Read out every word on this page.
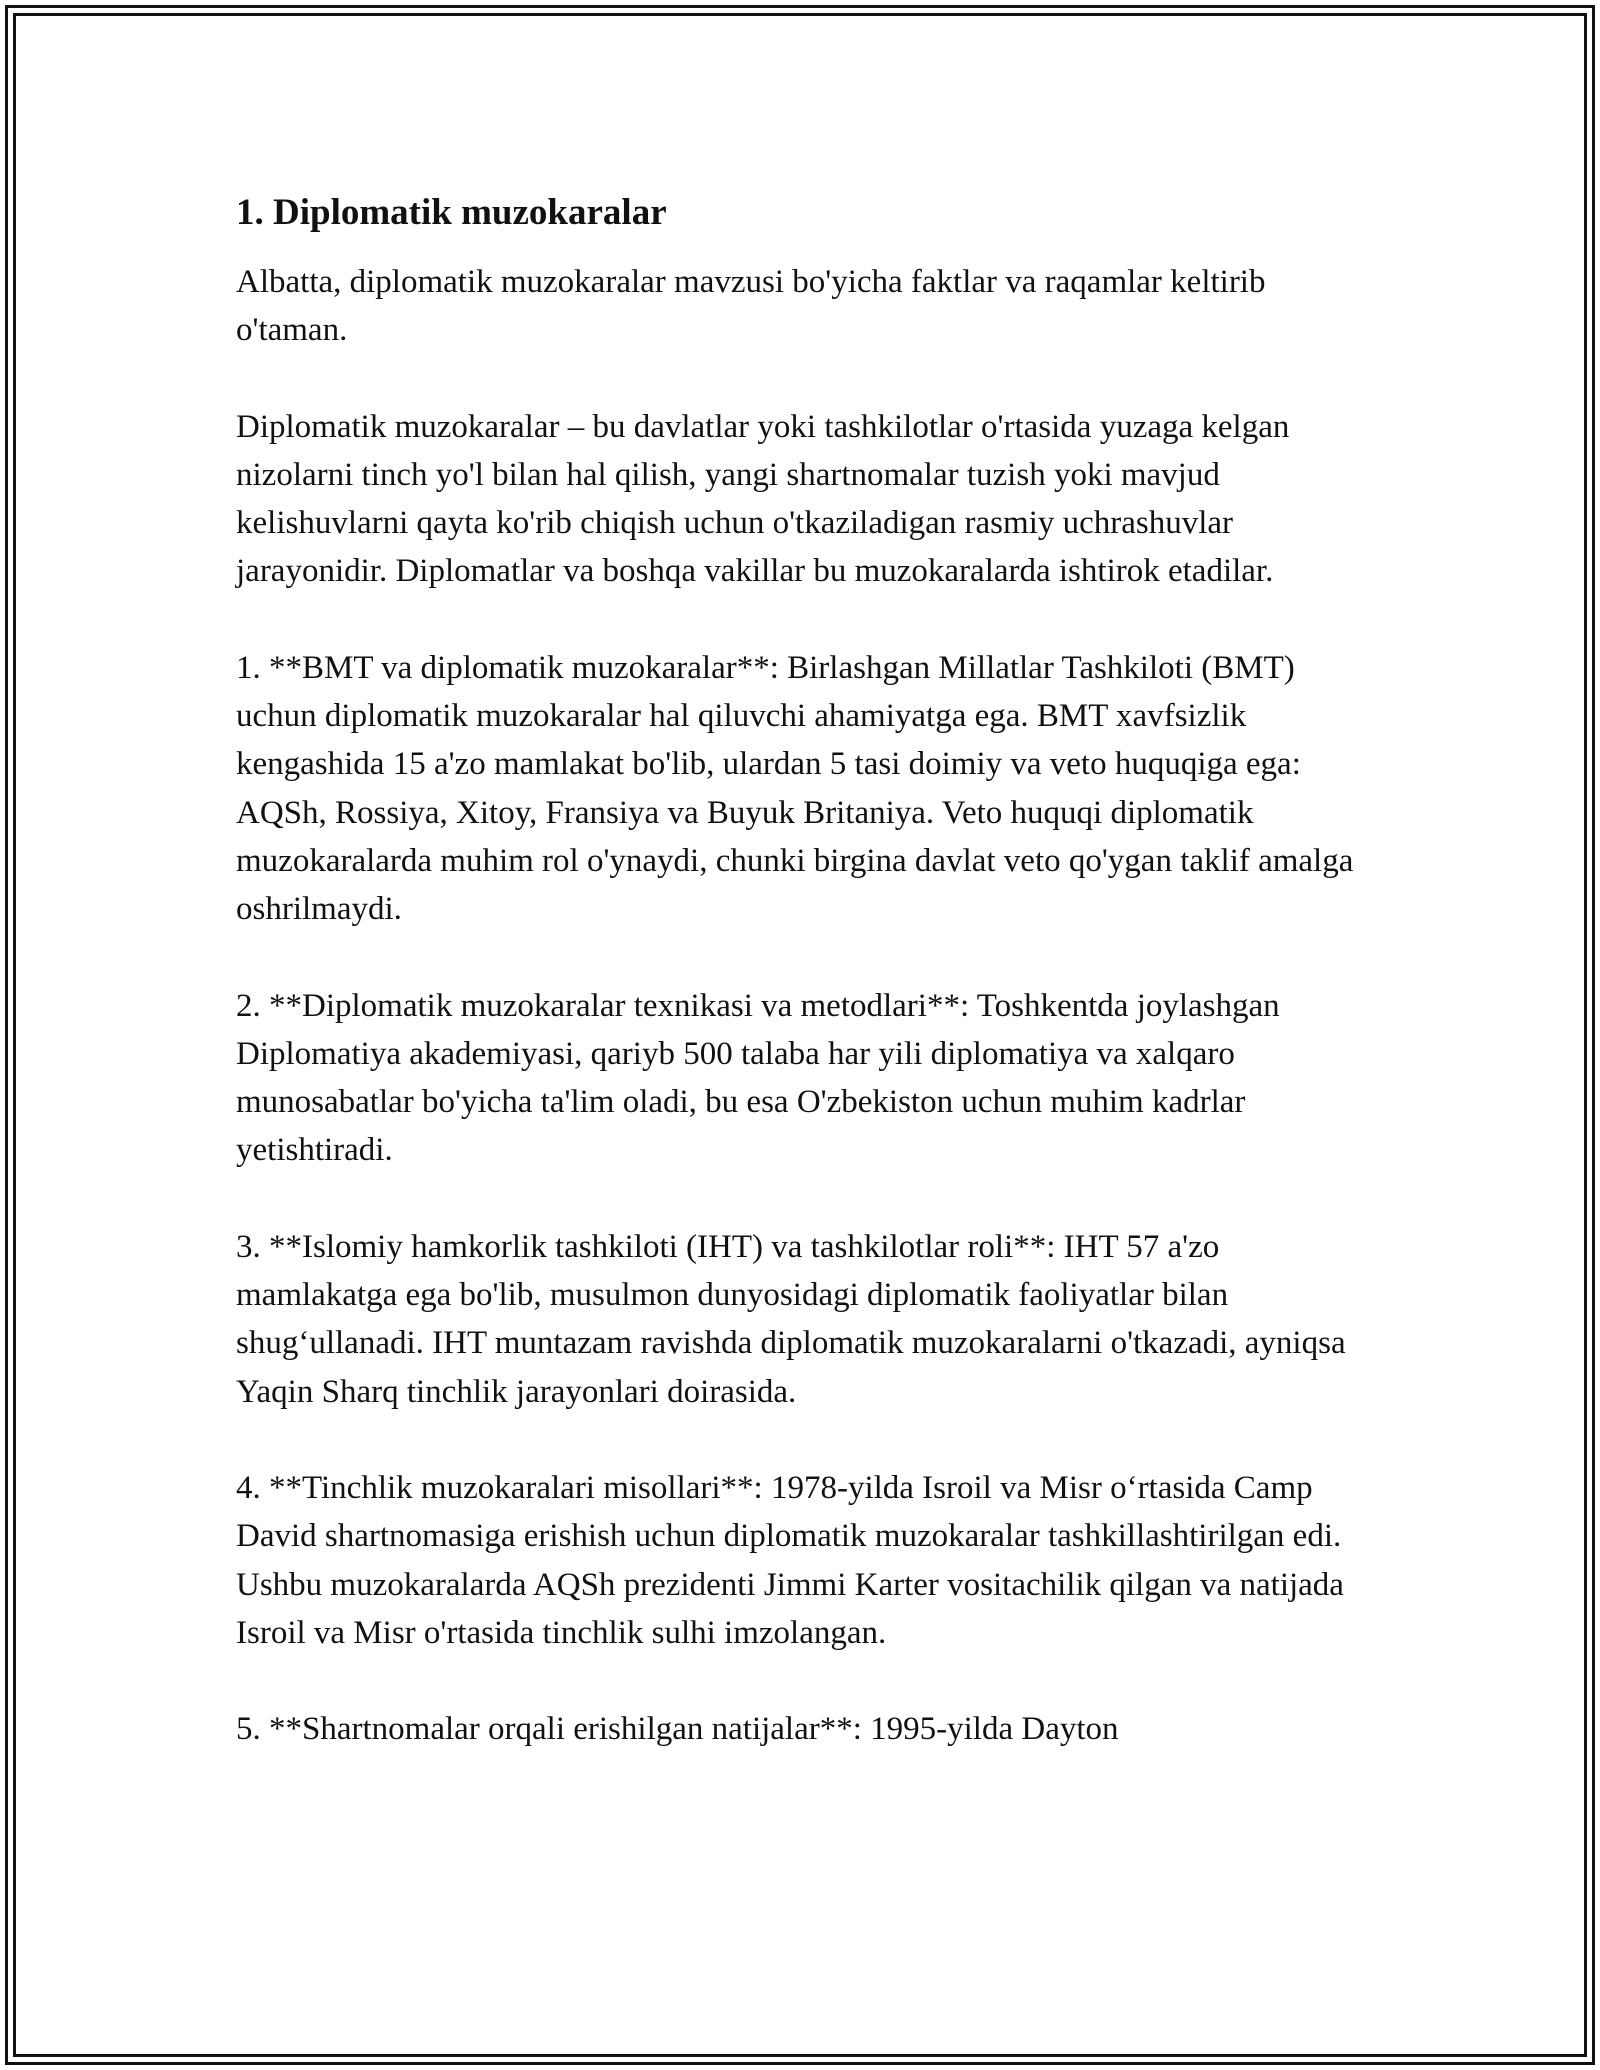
1. Diplomatik muzokaralar

Albatta, diplomatik muzokaralar mavzusi bo'yicha faktlar va raqamlar keltirib o'taman.

Diplomatik muzokaralar – bu davlatlar yoki tashkilotlar o'rtasida yuzaga kelgan nizolarni tinch yo'l bilan hal qilish, yangi shartnomalar tuzish yoki mavjud kelishuvlarni qayta ko'rib chiqish uchun o'tkaziladigan rasmiy uchrashuvlar jarayonidir. Diplomatlar va boshqa vakillar bu muzokaralarda ishtirok etadilar.

1. **BMT va diplomatik muzokaralar**: Birlashgan Millatlar Tashkiloti (BMT) uchun diplomatik muzokaralar hal qiluvchi ahamiyatga ega. BMT xavfsizlik kengashida 15 a'zo mamlakat bo'lib, ulardan 5 tasi doimiy va veto huquqiga ega: AQSh, Rossiya, Xitoy, Fransiya va Buyuk Britaniya. Veto huquqi diplomatik muzokaralarda muhim rol o'ynaydi, chunki birgina davlat veto qo'ygan taklif amalga oshrilmaydi.

2. **Diplomatik muzokaralar texnikasi va metodlari**: Toshkentda joylashgan Diplomatiya akademiyasi, qariyb 500 talaba har yili diplomatiya va xalqaro munosabatlar bo'yicha ta'lim oladi, bu esa O'zbekiston uchun muhim kadrlar yetishtiradi.

3. **Islomiy hamkorlik tashkiloti (IHT) va tashkilotlar roli**: IHT 57 a'zo mamlakatga ega bo'lib, musulmon dunyosidagi diplomatik faoliyatlar bilan shug‘ullanadi. IHT muntazam ravishda diplomatik muzokaralarni o'tkazadi, ayniqsa Yaqin Sharq tinchlik jarayonlari doirasida.

4. **Tinchlik muzokaralari misollari**: 1978-yilda Isroil va Misr o‘rtasida Camp David shartnomasiga erishish uchun diplomatik muzokaralar tashkillashtirilgan edi. Ushbu muzokaralarda AQSh prezidenti Jimmi Karter vositachilik qilgan va natijada Isroil va Misr o'rtasida tinchlik sulhi imzolangan.

5. **Shartnomalar orqali erishilgan natijalar**: 1995-yilda Dayton
